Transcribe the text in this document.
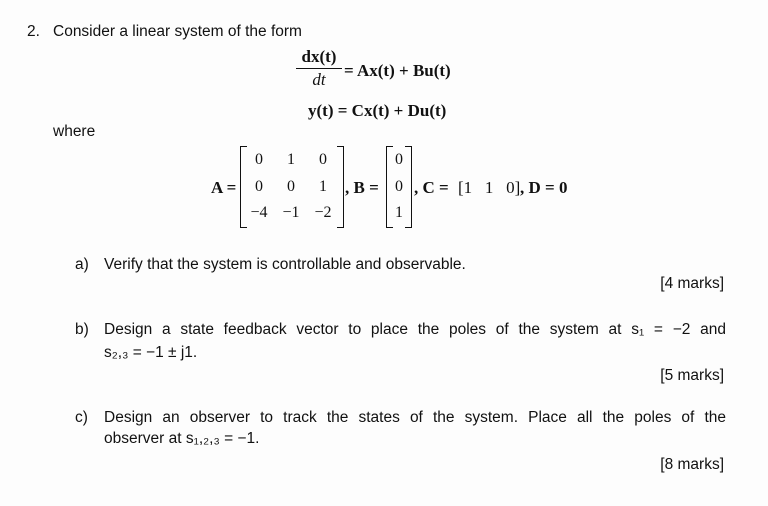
2. Consider a linear system of the form
dx(t)
dt	= Ax(t) + Bu(t)
y(t) = Cx(t) + Du(t)
where
A =
0	1	0
0	0	1
−4 −1 −2
, B =
0
0
1
, C = [1   1   0] , D = 0
a) Verify that the system is controllable and observable.
[4 marks]
b) Design a state feedback vector to place the poles of the system at s₁ = −2 and
s₂,₃ = −1 ± j1.
[5 marks]
c) Design an observer to track the states of the system. Place all the poles of the
observer at s₁,₂,₃ = −1.
[8 marks]
